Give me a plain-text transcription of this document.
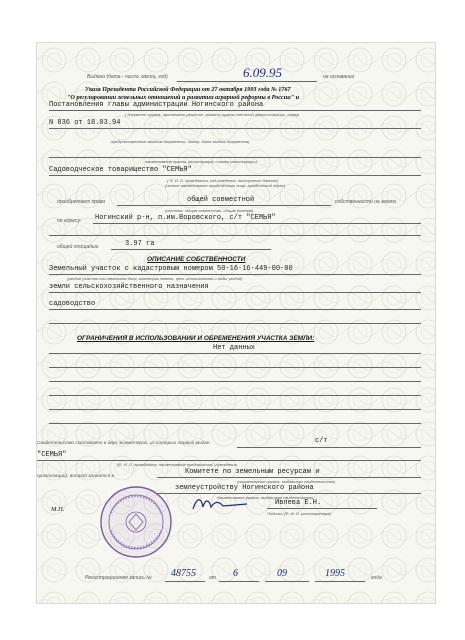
Выдано (дата - число, месяц, год)	6.09.95	на основании
Указа Президента Российской Федерации от 27 октября 1993 года № 1767
"О регулировании земельных отношений и развитии аграрной реформы в России" и
Постановления главы администрации Ногинского района
( документ органа, принявшего решение, указать органы местной администрации, номер
N 836 от 18.03.94
предусмотренные законом документы, номер, дата выдачи документа)
наименование органа, регистрация и номер регистрации)
Садоводческое товарищество "СЕМЬЯ"
( Ф. И. О. гражданина, год рождения, паспортные данные)
(полное наименование юридического лица, юридический адрес)
приобретает право	общей совместной	собственности на землю
(частная, общая совместная, общая долевая)
по адресу: Ногинский р-н, п.им.Воровского, с/т "СЕМЬЯ"
общей площадью	3.97 га
ОПИСАНИЕ СОБСТВЕННОСТИ
Земельный участок с кадастровым номером 50-16-16-449-00-00
(угодий участок или земельная доля, категории земель, цель использования и виды угодий)
земли сельскохозяйственного назначения
садоводство
ОГРАНИЧЕНИЯ В ИСПОЛЬЗОВАНИИ И ОБРЕМЕНЕНИЯ УЧАСТКА ЗЕМЛИ:
Нет данных
Свидетельство составлено в двух экземплярах, из которых первый выдан	с/т
"СЕМЬЯ"
(Ф. И. О. гражданина, наименование предприятия, учреждения,
организации), второй хранится в
Комитете по земельным ресурсам и
(наименование органа, выдавшего свидетельство)
землеустройству Ногинского района
Наименование органа, выдавшего свидетельство
Ивлева Е.Н.
Подпись (Ф. И. О. регистратора)
М.П.
Регистрационная запись № 48755	от 6	09	1995	года
